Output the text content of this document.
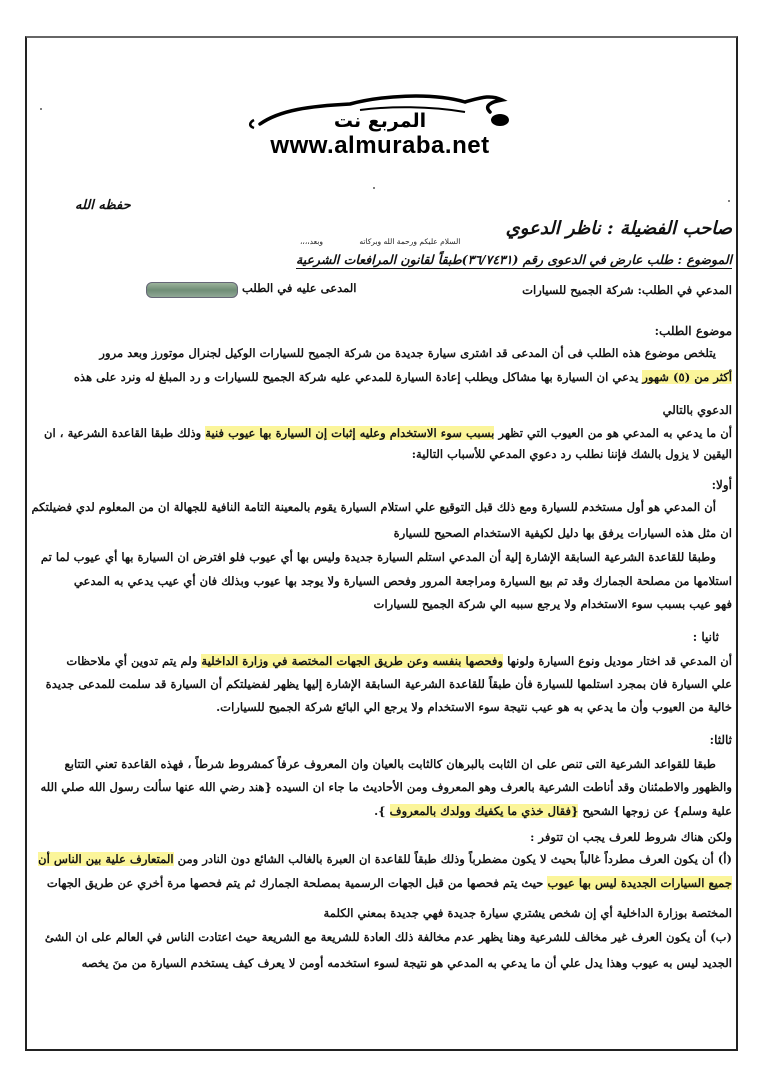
المربع نت
www.almuraba.net
حفظه الله
صاحب الفضيلة : ناظر الدعوي
السلام عليكم ورحمة الله وبركاته وبعد،،،،
الموضوع : طلب عارض في الدعوى رقم (٣٦/٧٤٣١)طبقاً لقانون المرافعات الشرعية
المدعي في الطلب: شركة الجميح للسيارات
المدعى عليه في الطلب
موضوع الطلب:
يتلخص موضوع هذه الطلب فى أن المدعى قد اشترى سيارة جديدة من شركة الجميح للسيارات الوكيل لجنرال موتورز وبعد مرور
أكثر من (٥) شهور يدعي ان السيارة بها مشاكل ويطلب إعادة السيارة للمدعي عليه شركة الجميح للسيارات و رد المبلغ له ونرد على هذه
الدعوي بالتالي
أن ما يدعي به المدعي هو من العيوب التي تظهر بسبب سوء الاستخدام وعليه إثبات إن السيارة بها عيوب فنية وذلك طبقا القاعدة الشرعية ، ان
اليقين لا يزول بالشك فإننا نطلب رد دعوي المدعي للأسباب التالية:
أولا:
أن المدعي هو أول مستخدم للسيارة ومع ذلك قبل التوقيع علي استلام السيارة يقوم بالمعينة التامة النافية للجهالة ان من المعلوم لدي فضيلتكم
ان مثل هذه السيارات يرفق بها دليل لكيفية الاستخدام الصحيح للسيارة
وطبقا للقاعدة الشرعية السابقة الإشارة إلية أن المدعي استلم السيارة جديدة وليس بها أي عيوب فلو افترض ان السيارة بها أي عيوب لما تم
استلامها من مصلحة الجمارك وقد تم بيع السيارة ومراجعة المرور وفحص السيارة ولا يوجد بها عيوب وبذلك فان أي عيب يدعي به المدعي
فهو عيب بسبب سوء الاستخدام ولا يرجع سببه الي شركة الجميح للسيارات
ثانيا :
أن المدعي قد اختار موديل ونوع السيارة ولونها وفحصها بنفسه وعن طريق الجهات المختصة في وزارة الداخلية ولم يتم تدوين أي ملاحظات
علي السيارة فان بمجرد استلمها للسيارة فأن طبقاً للقاعدة الشرعية السابقة الإشارة إليها يظهر لفضيلتكم أن السيارة قد سلمت للمدعى جديدة
خالية من العيوب وأن ما يدعي به هو عيب نتيجة سوء الاستخدام ولا يرجع الي البائع شركة الجميح للسيارات.
ثالثا:
طبقا للقواعد الشرعية التى تنص على ان الثابت بالبرهان كالثابت بالعيان وان المعروف عرفاً كمشروط شرطاً ، فهذه القاعدة تعني التتابع
والظهور والاطمئنان وقد أناطت الشرعية بالعرف وهو المعروف ومن الأحاديث ما جاء ان السيده {هند رضي الله عنها سألت رسول الله صلي الله
علية وسلم} عن زوجها الشحيح {فقال خذي ما يكفيك وولدك بالمعروف }.
ولكن هناك شروط للعرف يجب ان تتوفر :
(أ) أن يكون العرف مطرداً غالباً بحيث لا يكون مضطرباً وذلك طبقاً للقاعدة ان العبرة بالغالب الشائع دون النادر ومن المتعارف علية بين الناس أن
جميع السيارات الجديدة ليس بها عيوب حيث يتم فحصها من قبل الجهات الرسمية بمصلحة الجمارك ثم يتم فحصها مرة أخري عن طريق الجهات
المختصة بوزارة الداخلية أي إن شخص يشتري سيارة جديدة فهي جديدة بمعني الكلمة
(ب) أن يكون العرف غير مخالف للشرعية وهنا يظهر عدم مخالفة ذلك العادة للشريعة مع الشريعة حيث اعتادت الناس في العالم على ان الشئ
الجديد ليس به عيوب وهذا يدل علي أن ما يدعي به المدعي هو نتيجة لسوء استخدمه أومن لا يعرف كيف يستخدم السيارة من منَ يخصه
